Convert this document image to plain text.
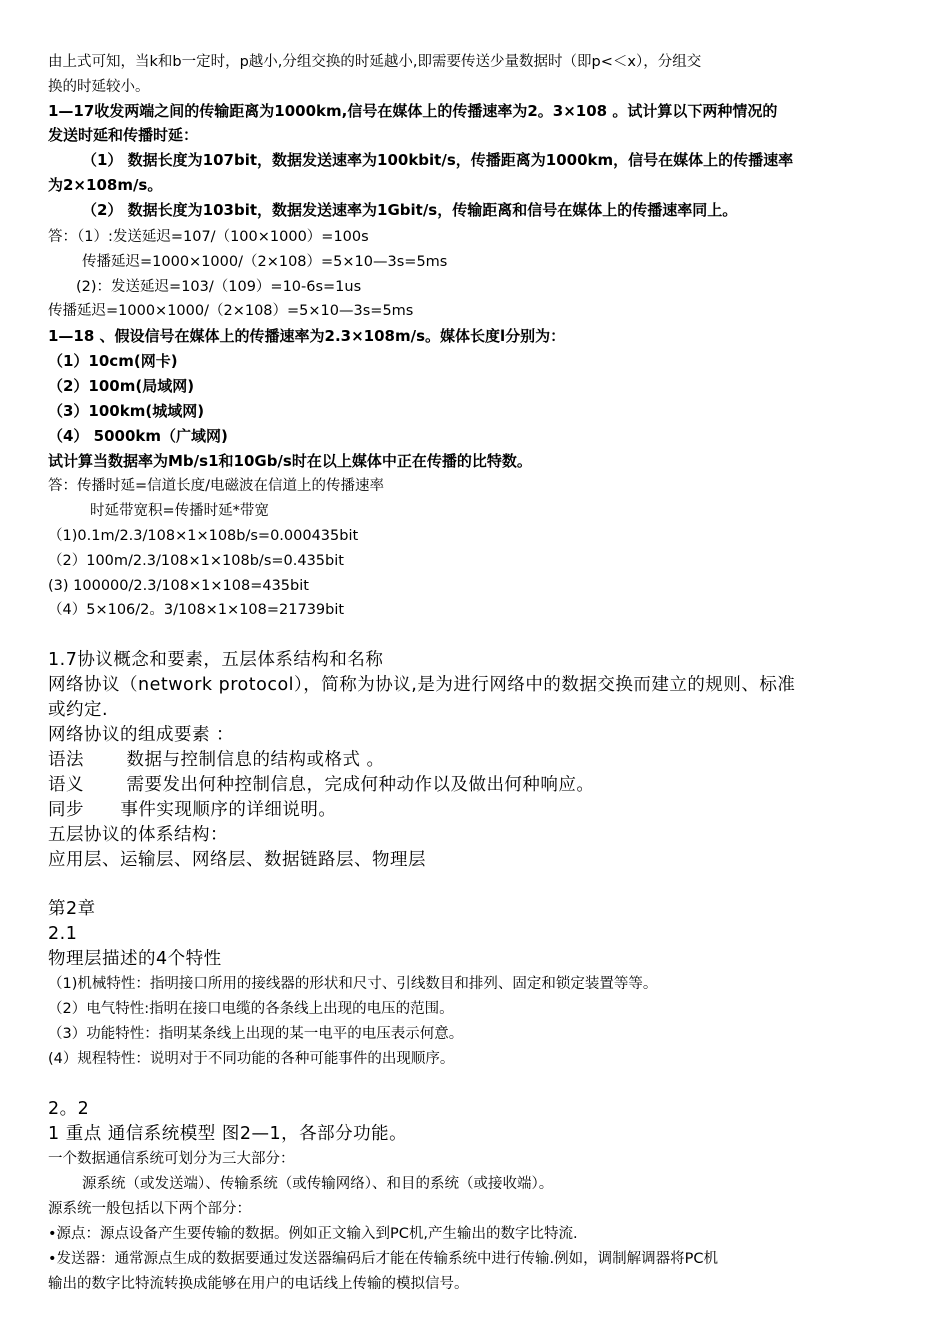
由上式可知，当k和b一定时，p越小,分组交换的时延越小,即需要传送少量数据时（即p<＜x），分组交

换的时延较小。

1—17收发两端之间的传输距离为1000km,信号在媒体上的传播速率为2。3×108 。试计算以下两种情况的

发送时延和传播时延：

（1） 数据长度为107bit，数据发送速率为100kbit/s，传播距离为1000km，信号在媒体上的传播速率

为2×108m/s。

（2） 数据长度为103bit，数据发送速率为1Gbit/s，传输距离和信号在媒体上的传播速率同上。

答：（1）:发送延迟=107/（100×1000）=100s

传播延迟=1000×1000/（2×108）=5×10—3s=5ms

(2)：发送延迟=103/（109）=10-6s=1us

传播延迟=1000×1000/（2×108）=5×10—3s=5ms

1—18 、假设信号在媒体上的传播速率为2.3×108m/s。媒体长度l分别为：

（1）10cm(网卡)

（2）100m(局域网)

（3）100km(城域网)

（4） 5000km（广域网)

试计算当数据率为Mb/s1和10Gb/s时在以上媒体中正在传播的比特数。

答：传播时延=信道长度/电磁波在信道上的传播速率

时延带宽积=传播时延*带宽

（1)0.1m/2.3/108×1×108b/s=0.000435bit

（2）100m/2.3/108×1×108b/s=0.435bit

(3) 100000/2.3/108×1×108=435bit

（4）5×106/2。3/108×1×108=21739bit

1.7协议概念和要素，五层体系结构和名称

网络协议（network protocol），简称为协议,是为进行网络中的数据交换而建立的规则、标准

或约定.

网络协议的组成要素 ：

语法       数据与控制信息的结构或格式 。

语义       需要发出何种控制信息，完成何种动作以及做出何种响应。

同步      事件实现顺序的详细说明。

五层协议的体系结构：

应用层、运输层、网络层、数据链路层、物理层

第2章

2.1

物理层描述的4个特性

（1)机械特性：指明接口所用的接线器的形状和尺寸、引线数目和排列、固定和锁定装置等等。

（2）电气特性:指明在接口电缆的各条线上出现的电压的范围。

（3）功能特性：指明某条线上出现的某一电平的电压表示何意。

(4）规程特性：说明对于不同功能的各种可能事件的出现顺序。

2。2

1 重点 通信系统模型 图2—1，各部分功能。

一个数据通信系统可划分为三大部分：

源系统（或发送端）、传输系统（或传输网络）、和目的系统（或接收端）。

源系统一般包括以下两个部分：

•源点：源点设备产生要传输的数据。例如正文输入到PC机,产生输出的数字比特流.

•发送器：通常源点生成的数据要通过发送器编码后才能在传输系统中进行传输.例如，调制解调器将PC机

输出的数字比特流转换成能够在用户的电话线上传输的模拟信号。
